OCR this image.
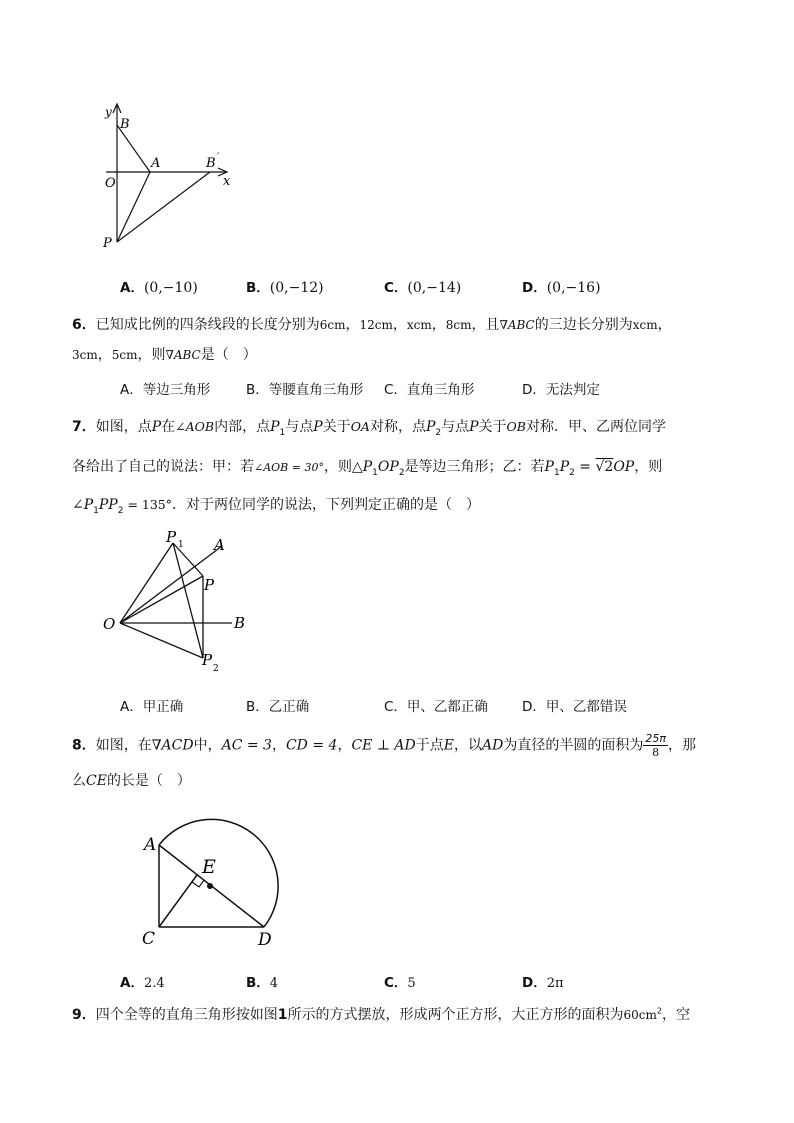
y
B
A	B ′
O	x
P
A．(0,−10)	B．(0,−12)	C．(0,−14)	D．(0,−16)
6．已知成比例的四条线段的长度分别为6cm，12cm，xcm，8cm，且∇ABC的三边长分别为xcm，
3cm，5cm，则∇ABC是（　）
A．等边三角形	B．等腰直角三角形 C．直角三角形	D．无法判定
7．如图，点P在∠AOB内部，点$P_1$与点P关于OA对称，点$P_2$与点P关于OB对称．甲、乙两位同学
各给出了自己的说法：甲：若∠AOB = 30°，则$\triangle P_1OP_2$是等边三角形；乙：若$P_1P_2 = √2OP$，则
$\angle P_1PP_2 = 135^\circ$．对于两位同学的说法，下列判定正确的是（　）
P 1 A
P
O	B
P 2
A．甲正确	B．乙正确	C．甲、乙都正确	D．甲、乙都错误
8．如图，在∇ACD中，AC = 3，CD = 4，CE ⊥ AD于点E，以AD为直径的半圆的面积为 $\frac{25\pi}{8}$ ，那
么CE的长是（　）
A
E
C	D
A．2.4	B．4	C．5	D．2π
9．四个全等的直角三角形按如图1所示的方式摆放，形成两个正方形，大正方形的面积为$60cm^2$，空
